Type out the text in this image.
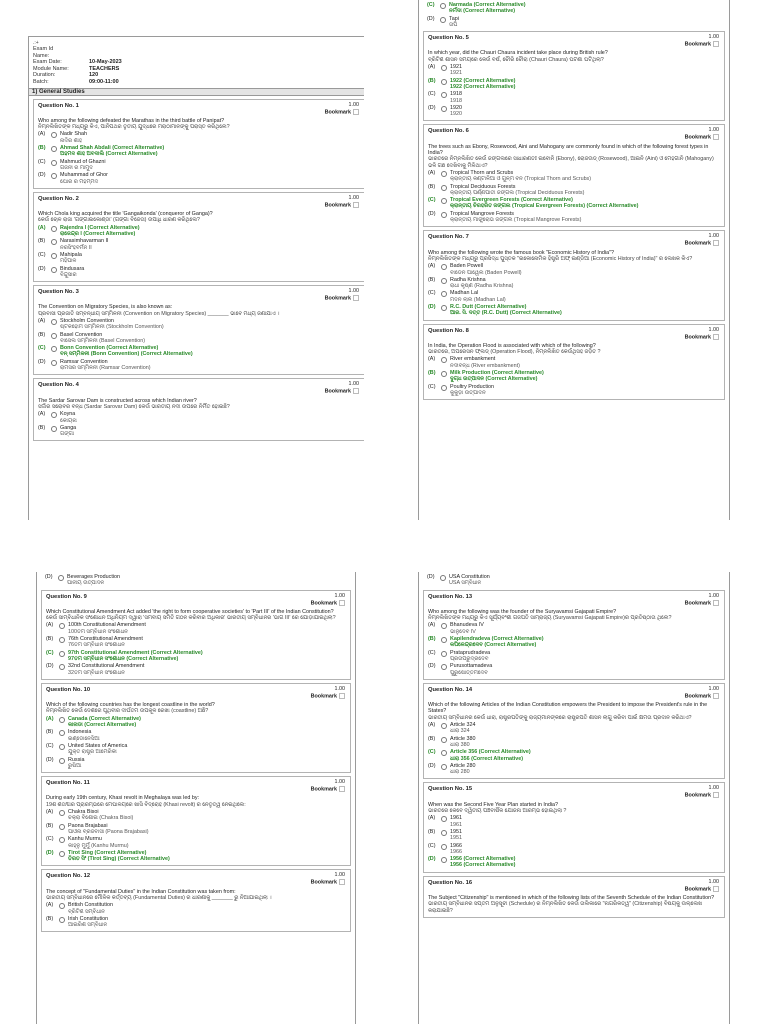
.:+
Exam Id
Name:
Exam Date:	10-May-2023
Module Name:	TEACHERS
Duration:	120
Batch:	09:00-11:00
1) General Studies
Question No. 1	1.00
Bookmark
Who among the following defeated the Marathas in the third battle of Panipat?
ନିମ୍ନଲିଖିତଙ୍କ ମଧ୍ୟରୁ କିଏ, ପାନିପଥର ତୃତୀୟ ଯୁଦ୍ଧରେ ମରାଠାମାନଙ୍କୁ ପରାସ୍ତ କରିଥିଲେ?
(A)	Nadir Shah
ନାଦିର ଶାହ
(B)	Ahmad Shah Abdali (Correct Alternative)
ଅହମଦ ଶାହ ଅବଦାଲି (Correct Alternative)
(C)	Mahmud of Ghazni
ଗଜନୀ ର ମାମୁଦ
(D)	Muhammad of Ghor
ଘୋର ର ମହମ୍ମଦ
Question No. 2	1.00
Bookmark
Which Chola king acquired the title 'Gangaikonda' (conqueror of Ganga)?
କେଉଁ ଚୋଳ ରାଜା 'ଗଙ୍ଗାଇକୋଣ୍ଡା' (ଗଙ୍ଗା ବିଜେତା) ଉପାଧି ଧାରଣ କରିଥିଲେ?
(A)	Rajendra I (Correct Alternative)
ରାଜେନ୍ଦ୍ର I (Correct Alternative)
(B)	Narasimhavarman II
ନରସିଂହବର୍ମନ II
(C)	Mahipala
ମହିପାଳ
(D)	Bindusara
ବିନ୍ଦୁସାର
Question No. 3	1.00
Bookmark
The Convention on Migratory Species, is also known as:
ପ୍ରବାସୀ ପ୍ରଜାତି ସମ୍ବନ୍ଧୀୟ ସମ୍ମିଳନୀ (Convention on Migratory Species) _______ ଭାବେ ମଧ୍ୟ ଜଣାଯାଏ ।
(A)	Stockholm Convention
ଷ୍ଟକହୋମ ସମ୍ମିଳନୀ (Stockholm Convention)
(B)	Basel Convention
ବାସେଲ ସମ୍ମିଳନୀ (Basel Convention)
(C)	Bonn Convention (Correct Alternative)
ବନ୍ ସମ୍ମିଳନୀ (Bonn Convention) (Correct Alternative)
(D)	Ramsar Convention
ରାମସର ସମ୍ମିଳନୀ (Ramsar Convention)
Question No. 4	1.00
Bookmark
The Sardar Sarovar Dam is constructed across which Indian river?
ସର୍ଦ୍ଦାର ସରୋବର ବନ୍ଧ (Sardar Sarovar Dam) କେଉଁ ଭାରତୀୟ ନଦୀ ଉପରେ ନିର୍ମିତ ହୋଇଛି?
(A)	Koyna
କୋୟନା
(B)	Ganga
ଗଙ୍ଗା
(C)	Narmada (Correct Alternative)
ନର୍ମଦା (Correct Alternative)
(D)	Tapi
ତାପି
Question No. 5	1.00
Bookmark
In which year, did the Chauri Chaura incident take place during British rule?
ବ୍ରିଟିଶ ଶାସନ ସମୟରେ କେଉଁ ବର୍ଷ, ଚୌରି ଚୌରା (Chauri Chaura) ଘଟଣା ଘଟିଥିଲା?
(A)	1921
1921
(B)	1922 (Correct Alternative)
1922 (Correct Alternative)
(C)	1918
1918
(D)	1920
1920
Question No. 6	1.00
Bookmark
The trees such as Ebony, Rosewood, Aini and Mahogany are commonly found in which of the following forest types in India?
ଭାରତରେ ନିମ୍ନଲିଖିତ କେଉଁ ଜଙ୍ଗଲରେ ସାଧାରଣତଃ ଇବୋନି (Ebony), ରୋଜଉଡ୍ (Rosewood), ଆଇନି (Aini) ଓ ମେହଗାନି (Mahogany) ଭଳି ଗଛ ଦେଖିବାକୁ ମିଳିଥାଏ?
(A)	Tropical Thorn and Scrubs
କ୍ରାନ୍ତୀୟ କଣ୍ଟାଳିଆ ଓ ଗୁଳ୍ମ ବନ (Tropical Thorn and Scrubs)
(B)	Tropical Deciduous Forests
କ୍ରାନ୍ତୀୟ ପର୍ଣ୍ଣପାତୀ ଜଙ୍ଗଲ (Tropical Deciduous Forests)
(C)	Tropical Evergreen Forests (Correct Alternative)
କ୍ରାନ୍ତୀୟ ଚିରହରିତ ଜଙ୍ଗଲ (Tropical Evergreen Forests) (Correct Alternative)
(D)	Tropical Mangrove Forests
କ୍ରାନ୍ତୀୟ ମାଙ୍ଗ୍ରୋଭ ଜଙ୍ଗଲ (Tropical Mangrove Forests)
Question No. 7	1.00
Bookmark
Who among the following wrote the famous book "Economic History of India"?
ନିମ୍ନଲିଖିତଙ୍କ ମଧ୍ୟରୁ ପ୍ରସିଦ୍ଧ ପୁସ୍ତକ "ଇକୋନୋମିକ ହିଷ୍ଟ୍ରି ଅଫ୍ ଇଣ୍ଡିଆ (Economic History of India)" ର ଲେଖକ କିଏ?
(A)	Baden Powell
ବାଡେନ ପାୱେଲ (Baden Powell)
(B)	Radha Krishna
ରାଧା କୃଷ୍ଣ (Radha Krishna)
(C)	Madhan Lal
ମଦନ ଲାଲ (Madhan Lal)
(D)	R.C. Dutt (Correct Alternative)
ଆର. ସି. ଦତ୍ତ (R.C. Dutt) (Correct Alternative)
Question No. 8	1.00
Bookmark
In India, the Operation Flood is associated with which of the following?
ଭାରତରେ, ଅପରେସନ ଫ୍ଲଡ୍ (Operation Flood), ନିମ୍ନଲିଖିତ କେଉଁଥିସହ ଜଡ଼ିତ ?
(A)	River embankment
ନଦୀବନ୍ଧ (River embankment)
(B)	Milk Production (Correct Alternative)
ଦୁଗ୍ଧ ଉତ୍ପାଦନ (Correct Alternative)
(C)	Poultry Production
କୁକୁଡ଼ା ଉତ୍ପାଦନ
(D)	Beverages Production
ପାନୀୟ ଉତ୍ପାଦନ
Question No. 9	1.00
Bookmark
Which Constitutional Amendment Act added 'the right to form cooperative societies' to 'Part III' of the Indian Constitution?
କେଉଁ ସାମ୍ବିଧାନିକ ସଂଶୋଧନ ଅଧିନିୟମ ଦ୍ୱାରା 'ସମବାୟ ସମିତି ଗଠନ କରିବାର ଅଧିକାର' ଭାରତୀୟ ସମ୍ବିଧାନର 'ଭାଗ III' ରେ ଯୋଡ଼ାଯାଇଥିଲା?
(A)	100th Constitutional Amendment
100ତମ ସମ୍ବିଧାନ ସଂଶୋଧନ
(B)	76th Constitutional Amendment
76ତମ ସମ୍ବିଧାନ ସଂଶୋଧନ
(C)	97th Constitutional Amendment (Correct Alternative)
97ତମ ସମ୍ବିଧାନ ସଂଶୋଧନ (Correct Alternative)
(D)	32nd Constitutional Amendment
32ତମ ସମ୍ବିଧାନ ସଂଶୋଧନ
Question No. 10	1.00
Bookmark
Which of the following countries has the longest coastline in the world?
ନିମ୍ନଲିଖିତ କେଉଁ ଦେଶରେ ପୃଥିବୀର ଦୀର୍ଘତମ ଉପକୂଳ ରେଖା (coastline) ଅଛି?
(A)	Canada (Correct Alternative)
କାନାଡା (Correct Alternative)
(B)	Indonesia
ଇଣ୍ଡୋନେସିଆ
(C)	United States of America
ଯୁକ୍ତ ରାଷ୍ଟ୍ର ଆମେରିକା
(D)	Russia
ରୁଷିଆ
Question No. 11	1.00
Bookmark
During early 19th century, Khasi revolt in Meghalaya was led by:
19ଶ ଶତାବ୍ଦୀର ପ୍ରାରମ୍ଭରେ ମେଘାଳୟରେ ଖାସି ବିଦ୍ରୋହ (Khasi revolt) ର ନେତୃତ୍ୱ ନେଇଥିଲେ:
(A)	Chakra Bisoi
ଚକ୍ରା ବିଶୋଇ (Chakra Bisoi)
(B)	Paona Brajabasi
ପାଓନା ବ୍ରଜବାସୀ (Paona Brajabasi)
(C)	Kanhu Murmu
କାହ୍ନୁ ମୁର୍ମୁ (Kanhu Murmu)
(D)	Tirot Sing (Correct Alternative)
ତିରତ ସିଂ (Tirot Sing) (Correct Alternative)
Question No. 12	1.00
Bookmark
The concept of "Fundamental Duties" in the Indian Constitution was taken from:
ଭାରତୀୟ ସମ୍ବିଧାନରେ ମୌଳିକ କର୍ତ୍ତବ୍ୟ (Fundamental Duties) ର ଧାରଣାକୁ _______ ରୁ ନିଆଯାଇଥିଲା ।
(A)	British Constitution
ବ୍ରିଟିଶ ସମ୍ବିଧାନ
(B)	Irish Constitution
ଆଇରିଶ ସମ୍ବିଧାନ
(D)	USA Constitution
USA ସମ୍ବିଧାନ
Question No. 13	1.00
Bookmark
Who among the following was the founder of the Suryavamsi Gajapati Empire?
ନିମ୍ନଲିଖିତଙ୍କ ମଧ୍ୟରୁ କିଏ ସୂର୍ଯ୍ୟବଂଶୀ ଗଜପତି ସାମ୍ରାଜ୍ୟ (Suryavamsi Gajapati Empire)ର ପ୍ରତିଷ୍ଠାତା ଥିଲେ?
(A)	Bhanudeva IV
ଭାନୁଦେବ IV
(B)	Kapilendradeva (Correct Alternative)
କପିଳେନ୍ଦ୍ରଦେବ (Correct Alternative)
(C)	Prataprudradeva
ପ୍ରତାପରୁଦ୍ରଦେବ
(D)	Purusottamadeva
ପୁରୁଷୋତ୍ତମଦେବ
Question No. 14	1.00
Bookmark
Which of the following Articles of the Indian Constitution empowers the President to impose the President's rule in the States?
ଭାରତୀୟ ସମ୍ବିଧାନର କେଉଁ ଧାରା, ରାଷ୍ଟ୍ରପତିଙ୍କୁ ରାଜ୍ୟମାନଙ୍କରେ ରାଷ୍ଟ୍ରପତି ଶାସନ ଲାଗୁ କରିବା ପାଇଁ କ୍ଷମତା ପ୍ରଦାନ କରିଥାଏ?
(A)	Article 324
ଧାରା 324
(B)	Article 380
ଧାରା 380
(C)	Article 356 (Correct Alternative)
ଧାରା 356 (Correct Alternative)
(D)	Article 280
ଧାରା 280
Question No. 15	1.00
Bookmark
When was the Second Five Year Plan started in India?
ଭାରତରେ କେବେ ଦ୍ୱିତୀୟ ପଞ୍ଚବାର୍ଷିକ ଯୋଜନା ଆରମ୍ଭ ହୋଇଥିଲା ?
(A)	1961
1961
(B)	1951
1951
(C)	1966
1966
(D)	1956 (Correct Alternative)
1956 (Correct Alternative)
Question No. 16	1.00
Bookmark
The Subject "Citizenship" is mentioned in which of the following lists of the Seventh Schedule of the Indian Constitution?
ଭାରତୀୟ ସମ୍ବିଧାନର ସପ୍ତମ ଅନୁସୂଚୀ (Schedule) ର ନିମ୍ନଲିଖିତ କେଉଁ ତାଲିକାରେ "ନାଗରିକତ୍ୱ" (Citizenship) ବିଷୟକୁ ଉଲ୍ଲେଖ କରାଯାଇଛି?
